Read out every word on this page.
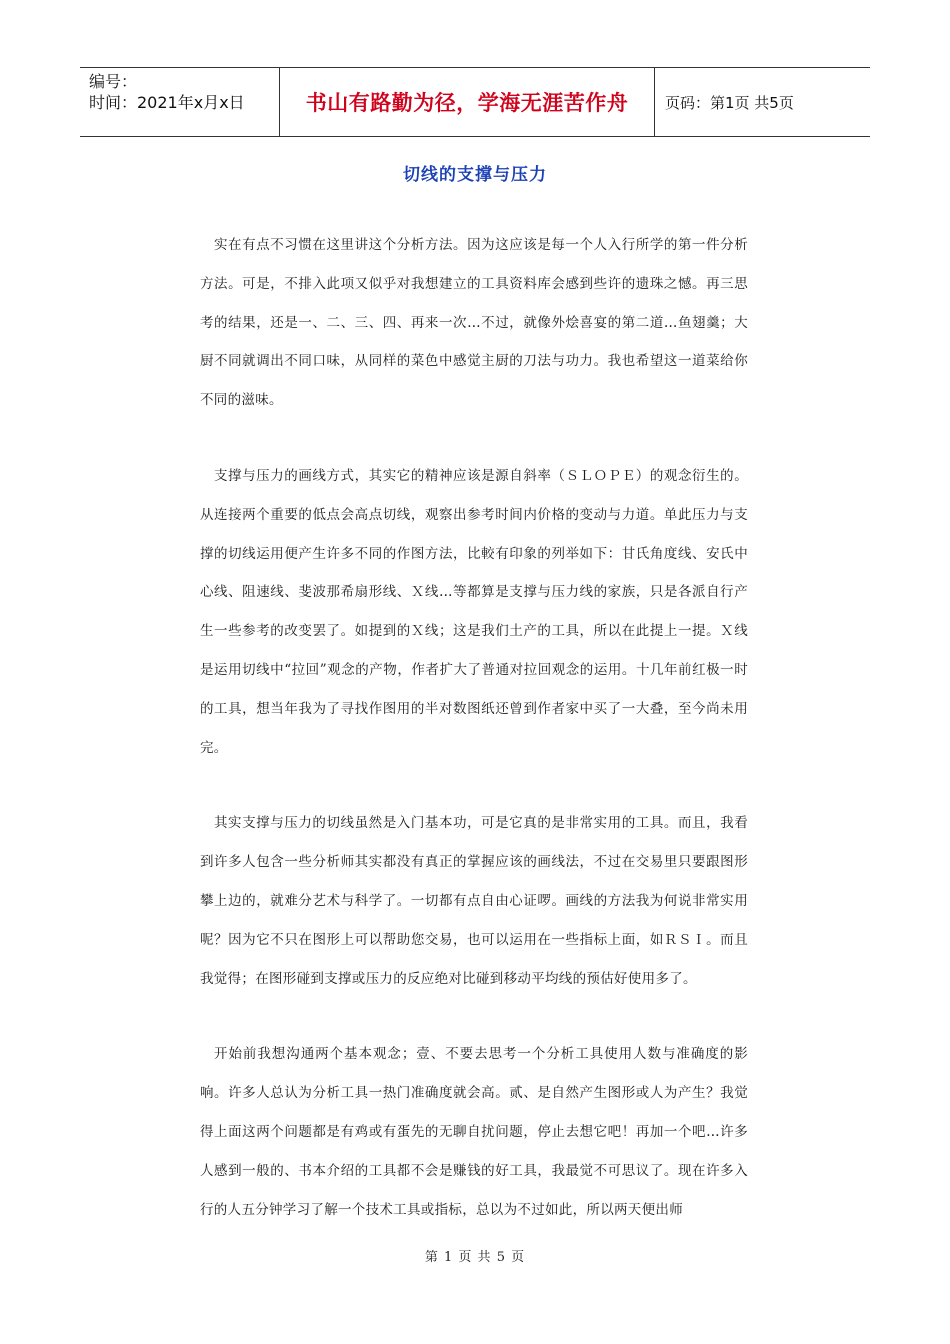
编号：
时间：2021年x月x日	书山有路勤为径，学海无涯苦作舟	页码：第1页 共5页
切线的支撑与压力

实在有点不习惯在这里讲这个分析方法。因为这应该是每一个人入行所学的第一件分析方法。可是，不排入此项又似乎对我想建立的工具资料库会感到些许的遗珠之憾。再三思考的结果，还是一、二、三、四、再来一次…不过，就像外烩喜宴的第二道…鱼翅羹；大厨不同就调出不同口味，从同样的菜色中感觉主厨的刀法与功力。我也希望这一道菜给你不同的滋味。

支撑与压力的画线方式，其实它的精神应该是源自斜率（ＳＬＯＰＥ）的观念衍生的。从连接两个重要的低点会高点切线，观察出参考时间内价格的变动与力道。单此压力与支撑的切线运用便产生许多不同的作图方法，比較有印象的列举如下：甘氏角度线、安氏中心线、阻速线、斐波那希扇形线、Ｘ线…等都算是支撑与压力线的家族，只是各派自行产生一些参考的改变罢了。如提到的Ｘ线；这是我们土产的工具，所以在此提上一提。Ｘ线是运用切线中“拉回”观念的产物，作者扩大了普通对拉回观念的运用。十几年前红极一时的工具，想当年我为了寻找作图用的半对数图纸还曾到作者家中买了一大叠，至今尚未用完。

其实支撑与压力的切线虽然是入门基本功，可是它真的是非常实用的工具。而且，我看到许多人包含一些分析师其实都没有真正的掌握应该的画线法，不过在交易里只要跟图形攀上边的，就难分艺术与科学了。一切都有点自由心证啰。画线的方法我为何说非常实用呢？因为它不只在图形上可以帮助您交易，也可以运用在一些指标上面，如ＲＳＩ。而且我觉得；在图形碰到支撑或压力的反应绝对比碰到移动平均线的预估好使用多了。

开始前我想沟通两个基本观念；壹、不要去思考一个分析工具使用人数与准确度的影响。许多人总认为分析工具一热门准确度就会高。贰、是自然产生图形或人为产生？我觉得上面这两个问题都是有鸡或有蛋先的无聊自扰问题，停止去想它吧！再加一个吧…许多人感到一般的、书本介绍的工具都不会是赚钱的好工具，我最觉不可思议了。现在许多入行的人五分钟学习了解一个技术工具或指标，总以为不过如此，所以两天便出师

第 1 页 共 5 页
